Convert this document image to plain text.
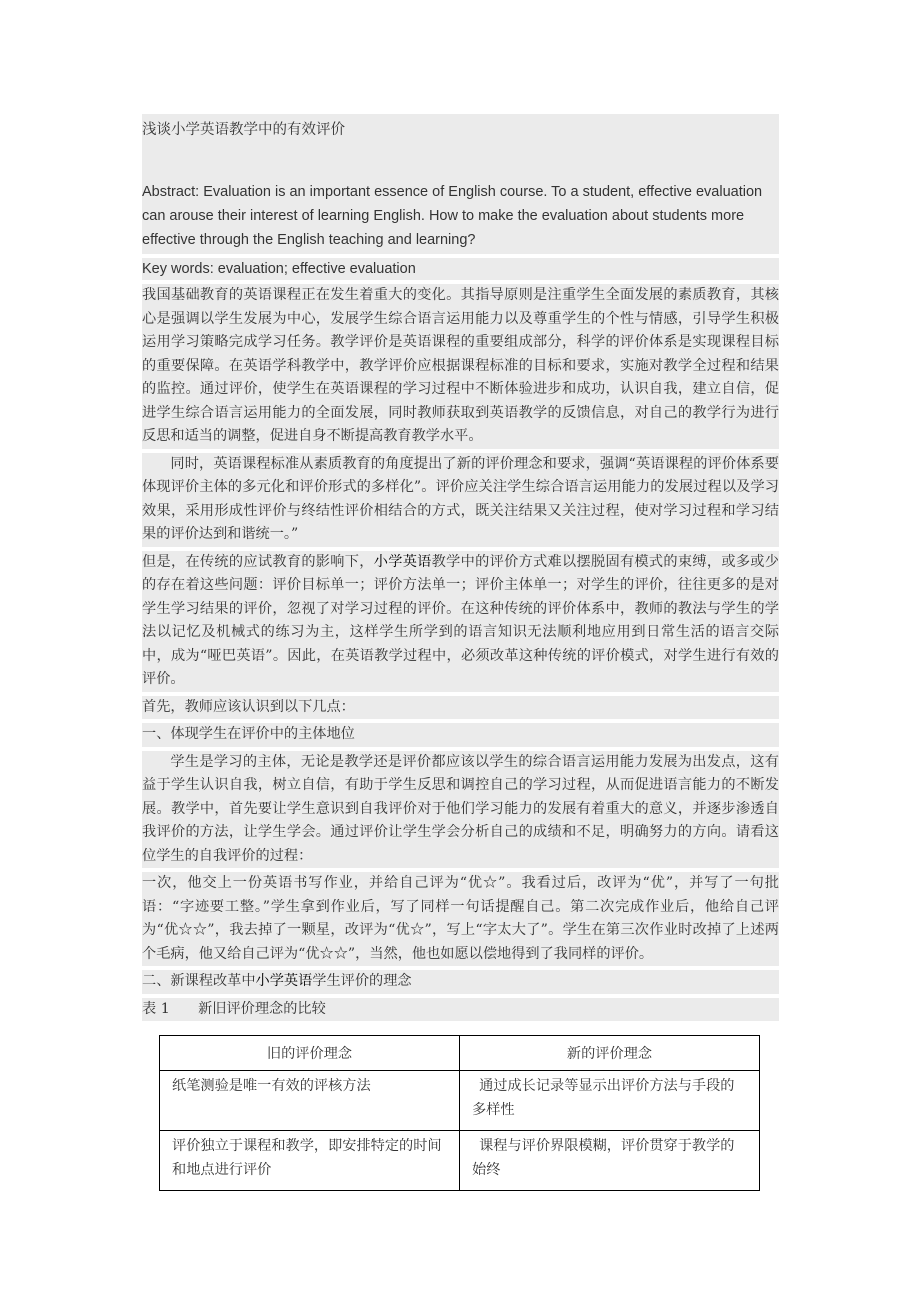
浅谈小学英语教学中的有效评价
Abstract: Evaluation is an important essence of English course. To a student, effective evaluation can arouse their interest of learning English. How to make the evaluation about students more effective through the English teaching and learning?
Key words: evaluation; effective evaluation
我国基础教育的英语课程正在发生着重大的变化。其指导原则是注重学生全面发展的素质教育，其核心是强调以学生发展为中心，发展学生综合语言运用能力以及尊重学生的个性与情感，引导学生积极运用学习策略完成学习任务。教学评价是英语课程的重要组成部分，科学的评价体系是实现课程目标的重要保障。在英语学科教学中，教学评价应根据课程标准的目标和要求，实施对教学全过程和结果的监控。通过评价，使学生在英语课程的学习过程中不断体验进步和成功，认识自我，建立自信，促进学生综合语言运用能力的全面发展，同时教师获取到英语教学的反馈信息，对自己的教学行为进行反思和适当的调整，促进自身不断提高教育教学水平。
同时，英语课程标准从素质教育的角度提出了新的评价理念和要求，强调“英语课程的评价体系要体现评价主体的多元化和评价形式的多样化”。评价应关注学生综合语言运用能力的发展过程以及学习效果，采用形成性评价与终结性评价相结合的方式，既关注结果又关注过程，使对学习过程和学习结果的评价达到和谐统一。”
但是，在传统的应试教育的影响下，小学英语教学中的评价方式难以摆脱固有模式的束缚，或多或少的存在着这些问题：评价目标单一；评价方法单一；评价主体单一；对学生的评价，往往更多的是对学生学习结果的评价，忽视了对学习过程的评价。在这种传统的评价体系中，教师的教法与学生的学法以记忆及机械式的练习为主，这样学生所学到的语言知识无法顺利地应用到日常生活的语言交际中，成为“哑巴英语”。因此，在英语教学过程中，必须改革这种传统的评价模式，对学生进行有效的评价。
首先，教师应该认识到以下几点：
一、体现学生在评价中的主体地位
学生是学习的主体，无论是教学还是评价都应该以学生的综合语言运用能力发展为出发点，这有益于学生认识自我，树立自信，有助于学生反思和调控自己的学习过程，从而促进语言能力的不断发展。教学中，首先要让学生意识到自我评价对于他们学习能力的发展有着重大的意义，并逐步渗透自我评价的方法，让学生学会。通过评价让学生学会分析自己的成绩和不足，明确努力的方向。请看这位学生的自我评价的过程：
一次，他交上一份英语书写作业，并给自己评为“优☆”。我看过后，改评为“优”，并写了一句批语：“字迹要工整。”学生拿到作业后，写了同样一句话提醒自己。第二次完成作业后，他给自己评为“优☆☆”，我去掉了一颗星，改评为“优☆”，写上“字太大了”。学生在第三次作业时改掉了上述两个毛病，他又给自己评为“优☆☆”，当然，他也如愿以偿地得到了我同样的评价。
二、新课程改革中小学英语学生评价的理念
表 1　　新旧评价理念的比较
旧的评价理念	新的评价理念
纸笔测验是唯一有效的评核方法	通过成长记录等显示出评价方法与手段的多样性
评价独立于课程和教学，即安排特定的时间和地点进行评价	课程与评价界限模糊，评价贯穿于教学的始终
